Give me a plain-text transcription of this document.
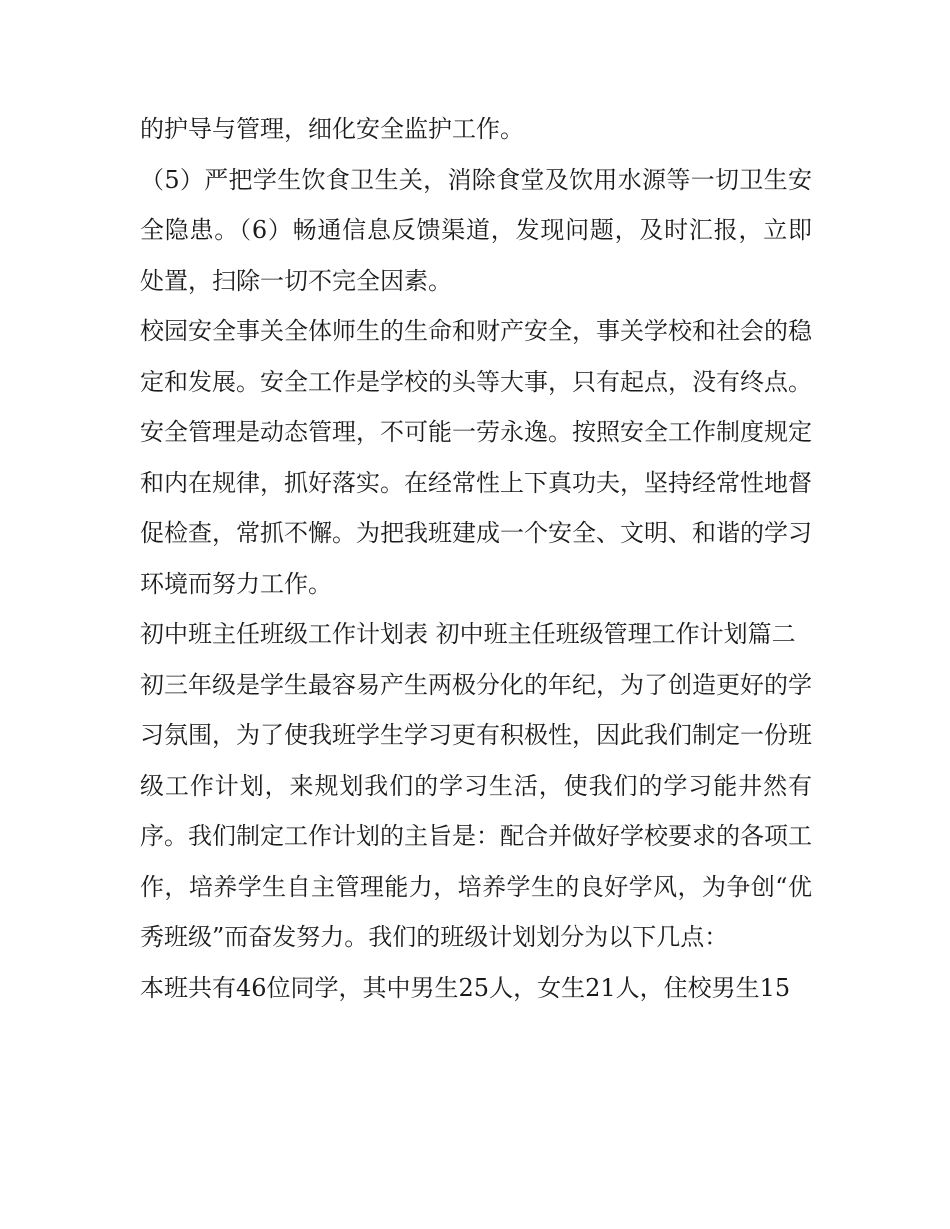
的护导与管理，细化安全监护工作。

（5）严把学生饮食卫生关，消除食堂及饮用水源等一切卫生安全隐患。（6）畅通信息反馈渠道，发现问题，及时汇报，立即处置，扫除一切不完全因素。

校园安全事关全体师生的生命和财产安全，事关学校和社会的稳定和发展。安全工作是学校的头等大事，只有起点，没有终点。安全管理是动态管理，不可能一劳永逸。按照安全工作制度规定和内在规律，抓好落实。在经常性上下真功夫，坚持经常性地督促检查，常抓不懈。为把我班建成一个安全、文明、和谐的学习环境而努力工作。

初中班主任班级工作计划表 初中班主任班级管理工作计划篇二

初三年级是学生最容易产生两极分化的年纪，为了创造更好的学习氛围，为了使我班学生学习更有积极性，因此我们制定一份班级工作计划，来规划我们的学习生活，使我们的学习能井然有序。我们制定工作计划的主旨是：配合并做好学校要求的各项工作，培养学生自主管理能力，培养学生的良好学风，为争创“优秀班级”而奋发努力。我们的班级计划划分为以下几点：

本班共有46位同学，其中男生25人，女生21人，住校男生15
